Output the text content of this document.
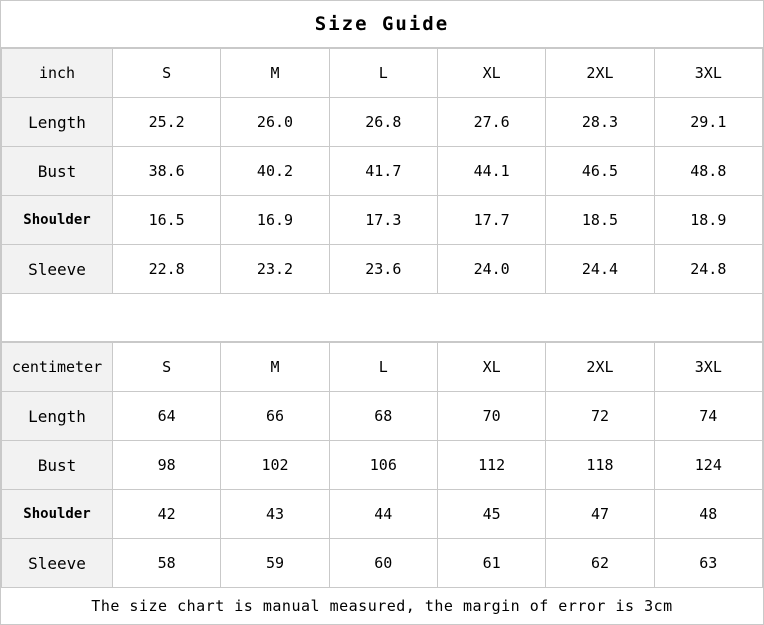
Size Guide
inch	S	M	L	XL	2XL	3XL
Length	25.2	26.0	26.8	27.6	28.3	29.1
Bust	38.6	40.2	41.7	44.1	46.5	48.8
Shoulder	16.5	16.9	17.3	17.7	18.5	18.9
Sleeve	22.8	23.2	23.6	24.0	24.4	24.8
centimeter	S	M	L	XL	2XL	3XL
Length	64	66	68	70	72	74
Bust	98	102	106	112	118	124
Shoulder	42	43	44	45	47	48
Sleeve	58	59	60	61	62	63
The size chart is manual measured, the margin of error is 3cm
